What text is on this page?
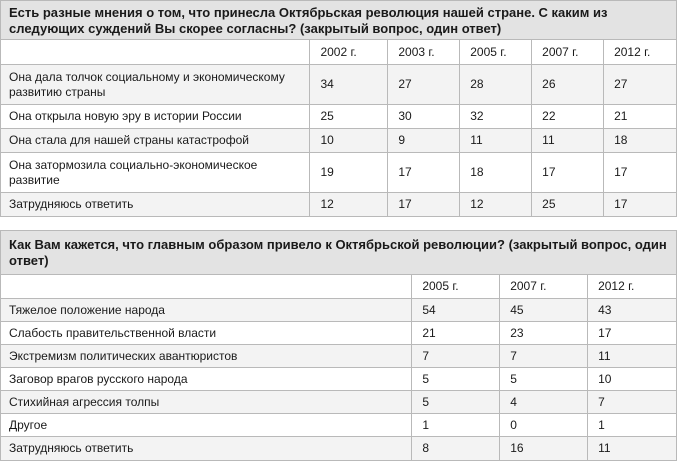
Есть разные мнения о том, что принесла Октябрьская революция нашей стране. С каким из следующих суждений Вы скорее согласны? (закрытый вопрос, один ответ)					
	2002 г.	2003 г.	2005 г.	2007 г.	2012 г.
Она дала толчок социальному и экономическому развитию страны	34	27	28	26	27
Она открыла новую эру в истории России	25	30	32	22	21
Она стала для нашей страны катастрофой	10	9	11	11	18
Она затормозила социально-экономическое развитие	19	17	18	17	17
Затрудняюсь ответить	12	17	12	25	17
Как Вам кажется, что главным образом привело к Октябрьской революции? (закрытый вопрос, один ответ)			
	2005 г.	2007 г.	2012 г.
Тяжелое положение народа	54	45	43
Слабость правительственной власти	21	23	17
Экстремизм политических авантюристов	7	7	11
Заговор врагов русского народа	5	5	10
Стихийная агрессия толпы	5	4	7
Другое	1	0	1
Затрудняюсь ответить	8	16	11
